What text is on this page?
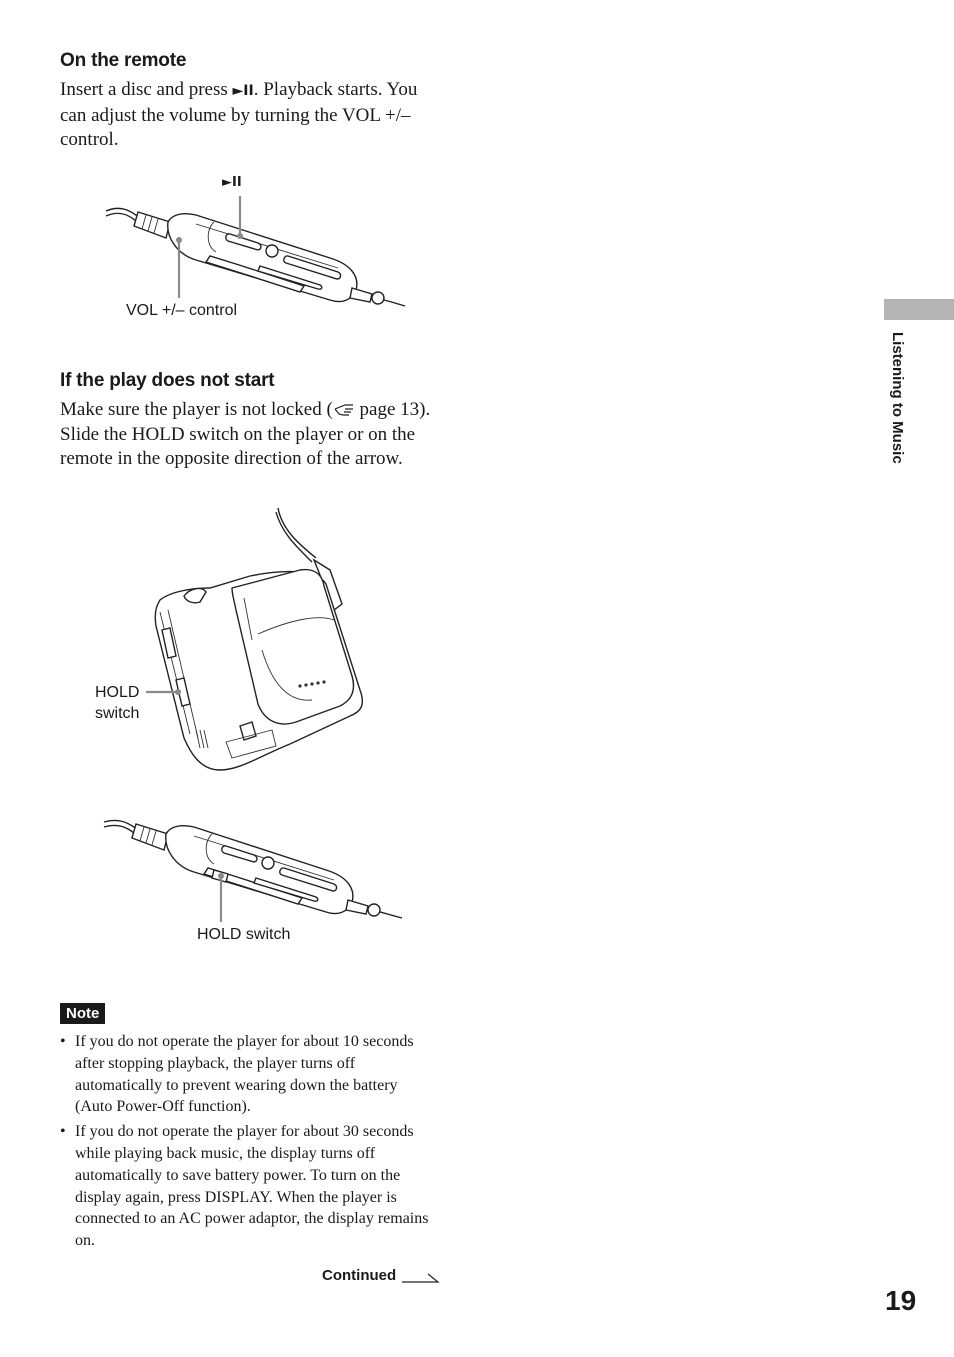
On the remote
Insert a disc and press ►II. Playback starts. You can adjust the volume by turning the VOL +/– control.
►II
VOL +/– control
If the play does not start
Make sure the player is not locked ( page 13). Slide the HOLD switch on the player or on the remote in the opposite direction of the arrow.
HOLD
switch
HOLD switch
Note
• If you do not operate the player for about 10 seconds after stopping playback, the player turns off automatically to prevent wearing down the battery (Auto Power-Off function).
• If you do not operate the player for about 30 seconds while playing back music, the display turns off automatically to save battery power. To turn on the display again, press DISPLAY. When the player is connected to an AC power adaptor, the display remains on.
Continued
Listening to Music
19
